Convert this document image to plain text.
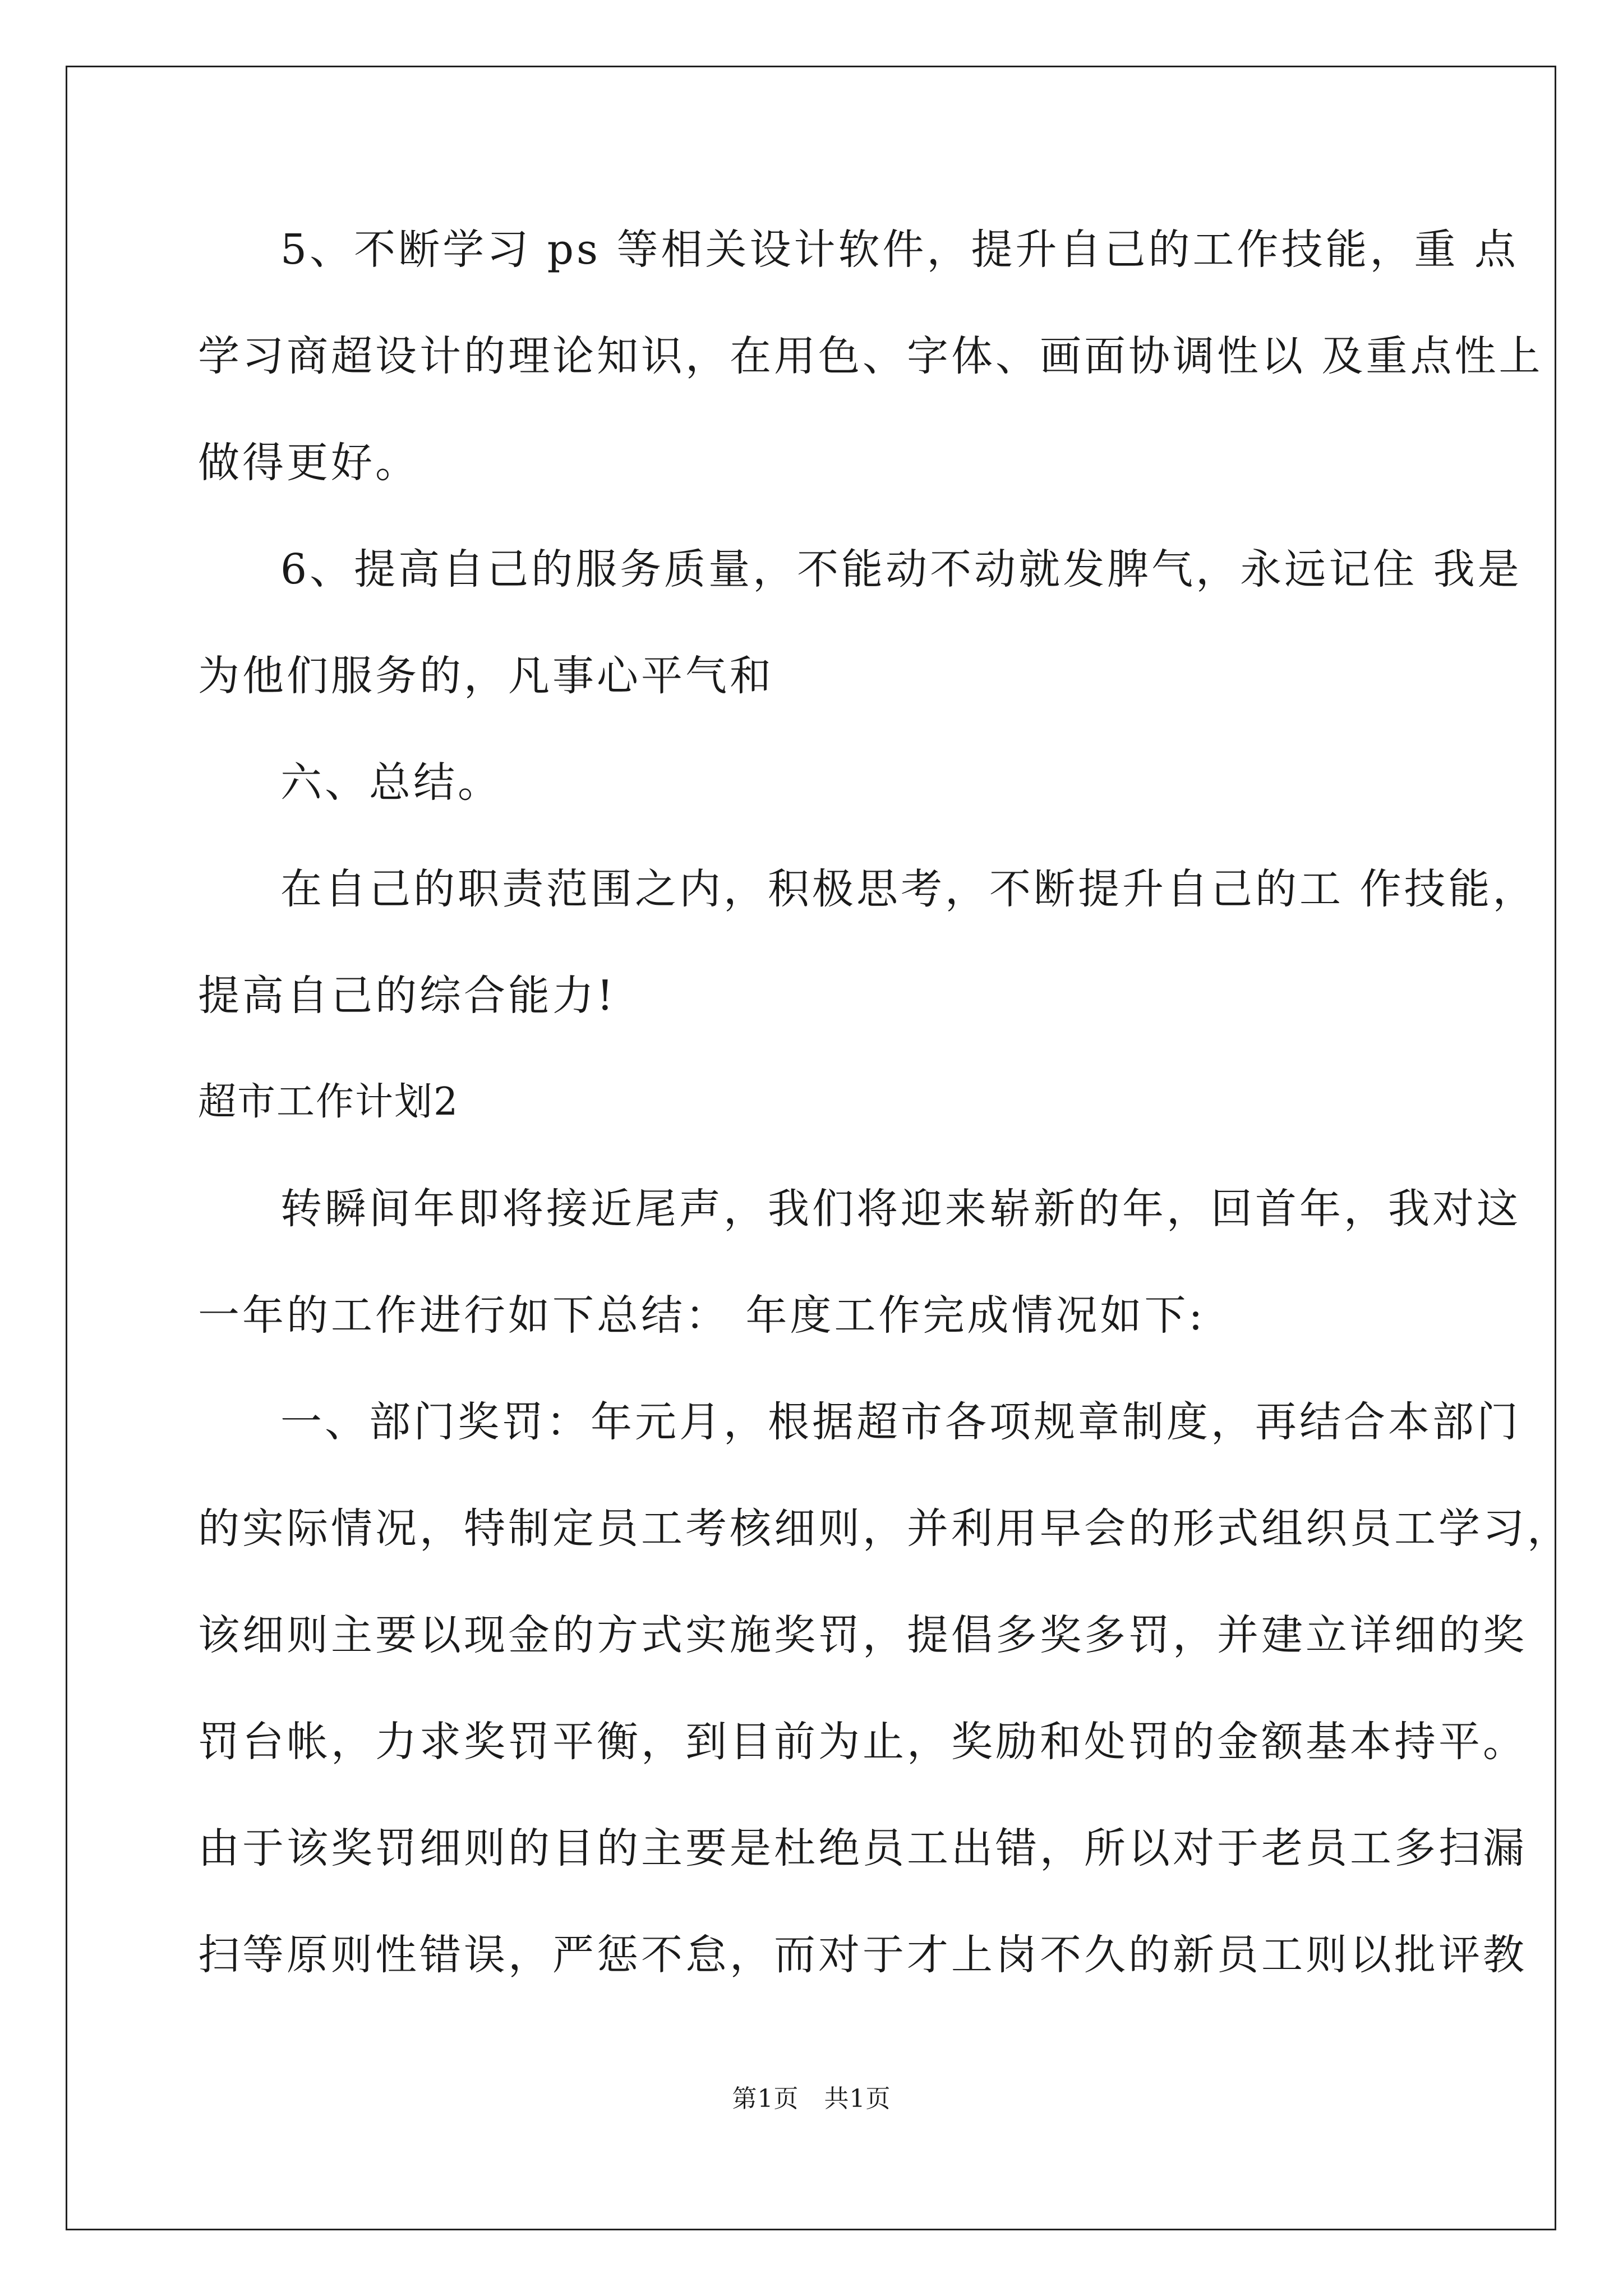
5、不断学习 ps 等相关设计软件，提升自己的工作技能，重 点
学习商超设计的理论知识，在用色、字体、画面协调性以 及重点性上
做得更好。
6、提高自己的服务质量，不能动不动就发脾气，永远记住 我是
为他们服务的，凡事心平气和
六、总结。
在自己的职责范围之内，积极思考，不断提升自己的工 作技能，
提高自己的综合能力!
超市工作计划2
转瞬间年即将接近尾声，我们将迎来崭新的年，回首年，我对这
一年的工作进行如下总结： 年度工作完成情况如下:
一、部门奖罚：年元月，根据超市各项规章制度，再结合本部门
的实际情况，特制定员工考核细则，并利用早会的形式组织员工学习，
该细则主要以现金的方式实施奖罚，提倡多奖多罚，并建立详细的奖
罚台帐，力求奖罚平衡，到目前为止，奖励和处罚的金额基本持平。
由于该奖罚细则的目的主要是杜绝员工出错，所以对于老员工多扫漏
扫等原则性错误，严惩不怠，而对于才上岗不久的新员工则以批评教
第1页　共1页
